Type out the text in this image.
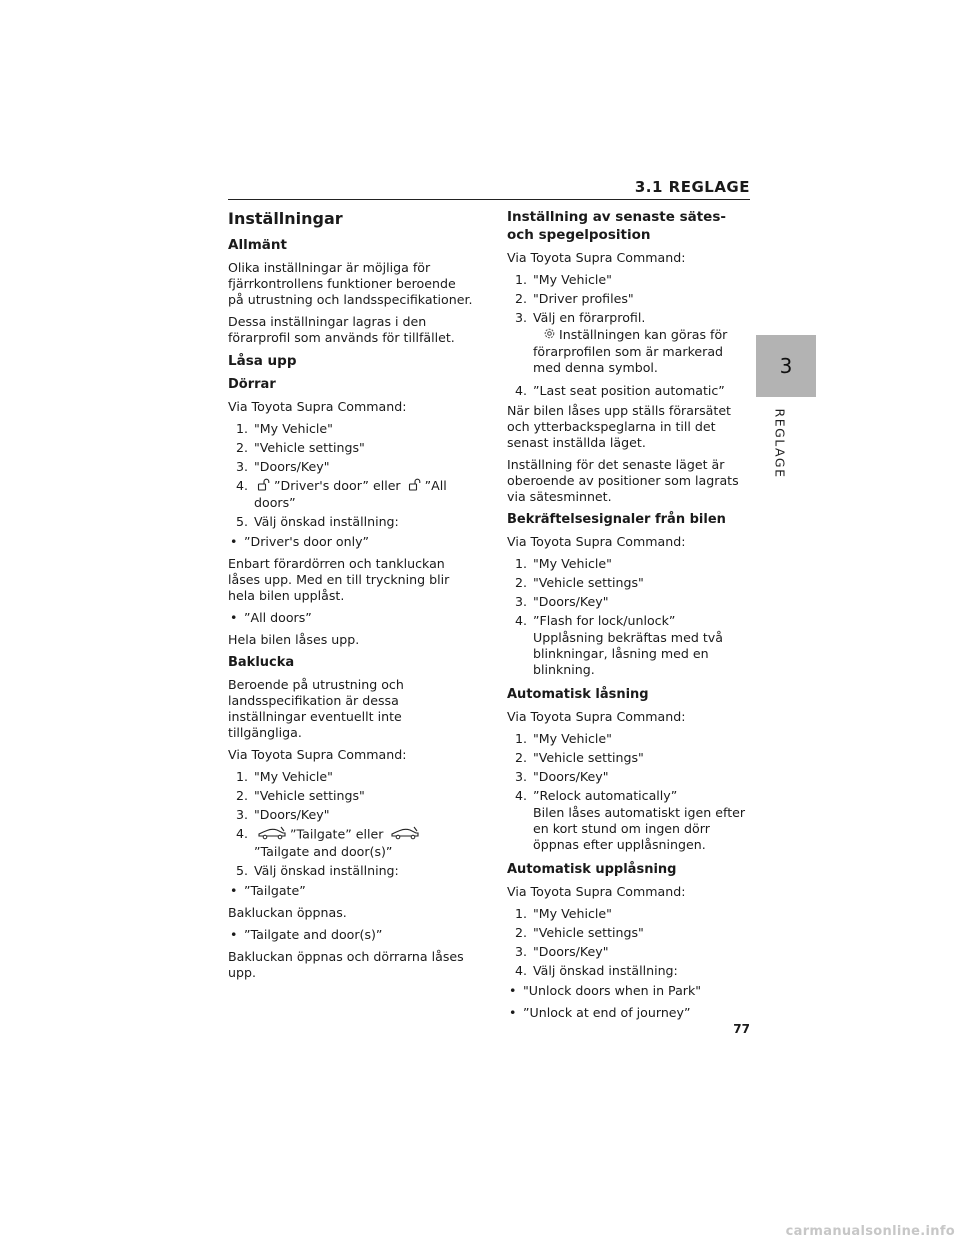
3.1 REGLAGE
3
REGLAGE
Inställningar
Allmänt

Olika inställningar är möjliga för fjärrkontrollens funktioner beroende på utrustning och landsspecifikationer.

Dessa inställningar lagras i den förarprofil som används för tillfället.

Låsa upp
Dörrar

Via Toyota Supra Command:

1. "My Vehicle"
2. "Vehicle settings"
3. "Doors/Key"
4.	”Driver's door” eller ”All doors”
5. Välj önskad inställning:
• ”Driver's door only”

Enbart förardörren och tankluckan låses upp. Med en till tryckning blir hela bilen upplåst.

• ”All doors”

Hela bilen låses upp.

Baklucka

Beroende på utrustning och landsspecifikation är dessa inställningar eventuellt inte tillgängliga.

Via Toyota Supra Command:

1. "My Vehicle"
2. "Vehicle settings"
3. "Doors/Key"
4.	”Tailgate” eller
”Tailgate and door(s)”
5. Välj önskad inställning:
• ”Tailgate”

Bakluckan öppnas.

• ”Tailgate and door(s)”

Bakluckan öppnas och dörrarna låses upp.

Inställning av senaste sätes- och spegelposition

Via Toyota Supra Command:

1. "My Vehicle"
2. "Driver profiles"
3. Välj en förarprofil.
Inställningen kan göras för förarprofilen som är markerad med denna symbol.
4. ”Last seat position automatic”

När bilen låses upp ställs förarsätet och ytterbackspeglarna in till det senast inställda läget.

Inställning för det senaste läget är oberoende av positioner som lagrats via sätesminnet.

Bekräftelsesignaler från bilen

Via Toyota Supra Command:

1. "My Vehicle"
2. "Vehicle settings"
3. "Doors/Key"
4. ”Flash for lock/unlock”
Upplåsning bekräftas med två blinkningar, låsning med en blinkning.
Automatisk låsning

Via Toyota Supra Command:

1. "My Vehicle"
2. "Vehicle settings"
3. "Doors/Key"
4. ”Relock automatically”
Bilen låses automatiskt igen efter en kort stund om ingen dörr öppnas efter upplåsningen.
Automatisk upplåsning

Via Toyota Supra Command:

1. "My Vehicle"
2. "Vehicle settings"
3. "Doors/Key"
4. Välj önskad inställning:
• "Unlock doors when in Park"
• ”Unlock at end of journey”
77
carmanualsonline.info
